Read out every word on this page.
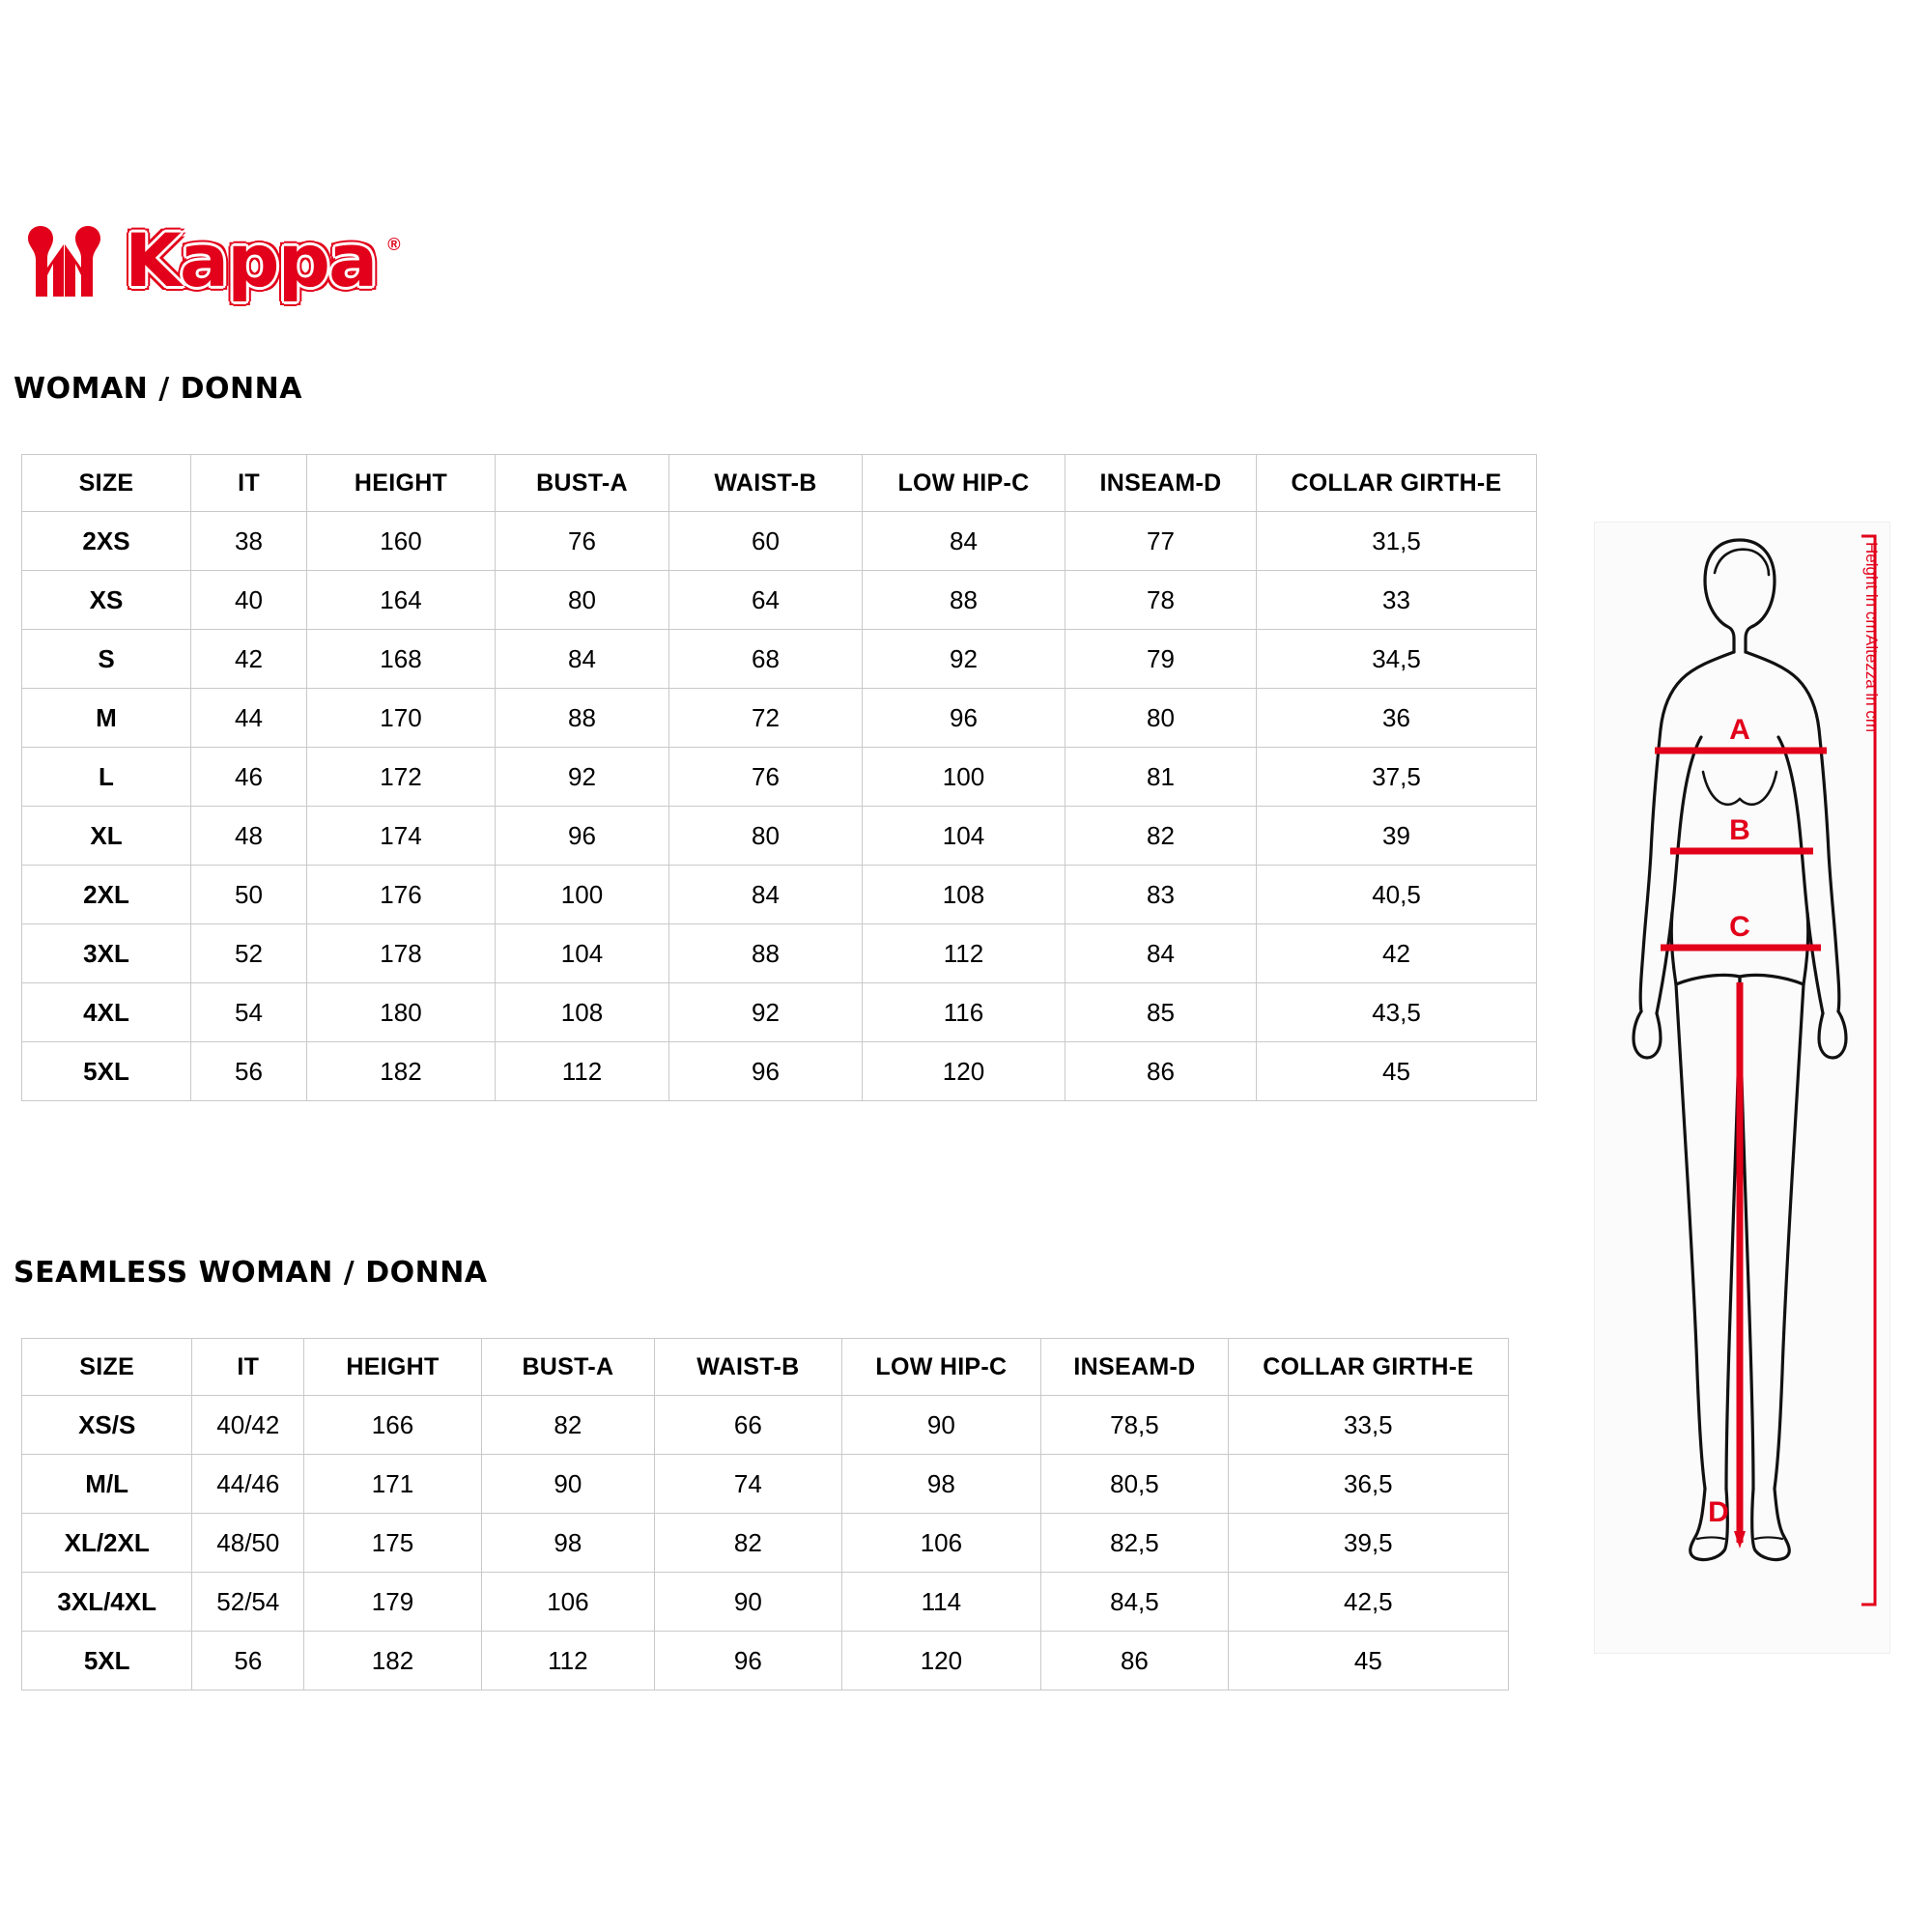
Kappa ®
WOMAN / DONNA
SIZE	IT	HEIGHT	BUST-A	WAIST-B	LOW HIP-C	INSEAM-D	COLLAR GIRTH-E
2XS	38	160	76	60	84	77	31,5
XS	40	164	80	64	88	78	33
S	42	168	84	68	92	79	34,5
M	44	170	88	72	96	80	36
L	46	172	92	76	100	81	37,5
XL	48	174	96	80	104	82	39
2XL	50	176	100	84	108	83	40,5
3XL	52	178	104	88	112	84	42
4XL	54	180	108	92	116	85	43,5
5XL	56	182	112	96	120	86	45
SEAMLESS WOMAN / DONNA
SIZE	IT	HEIGHT	BUST-A	WAIST-B	LOW HIP-C	INSEAM-D	COLLAR GIRTH-E
XS/S	40/42	166	82	66	90	78,5	33,5
M/L	44/46	171	90	74	98	80,5	36,5
XL/2XL	48/50	175	98	82	106	82,5	39,5
3XL/4XL	52/54	179	106	90	114	84,5	42,5
5XL	56	182	112	96	120	86	45
A
B
C
D
Height in cm
Altezza in cm
